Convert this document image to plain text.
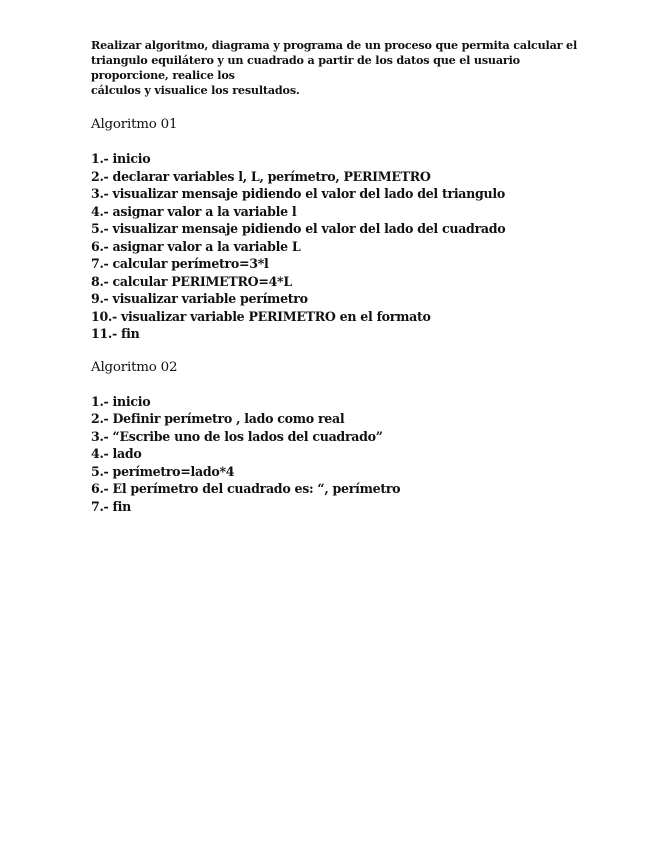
Realizar algoritmo, diagrama y programa de un proceso que permita calcular el
triangulo equilátero y un cuadrado a partir de los datos que el usuario
proporcione, realice los
cálculos y visualice los resultados.
Algoritmo 01
1.- inicio
2.- declarar variables l, L, perímetro, PERIMETRO
3.- visualizar mensaje pidiendo el valor del lado del triangulo
4.- asignar valor a la variable l
5.- visualizar mensaje pidiendo el valor del lado del cuadrado
6.- asignar valor a la variable L
7.- calcular perímetro=3*l
8.- calcular PERIMETRO=4*L
9.- visualizar variable perímetro
10.- visualizar variable PERIMETRO en el formato
11.- fin
Algoritmo 02
1.- inicio
2.- Definir perímetro , lado como real
3.- “Escribe uno de los lados del cuadrado”
4.- lado
5.- perímetro=lado*4
6.- El perímetro del cuadrado es: “, perímetro
7.- fin
